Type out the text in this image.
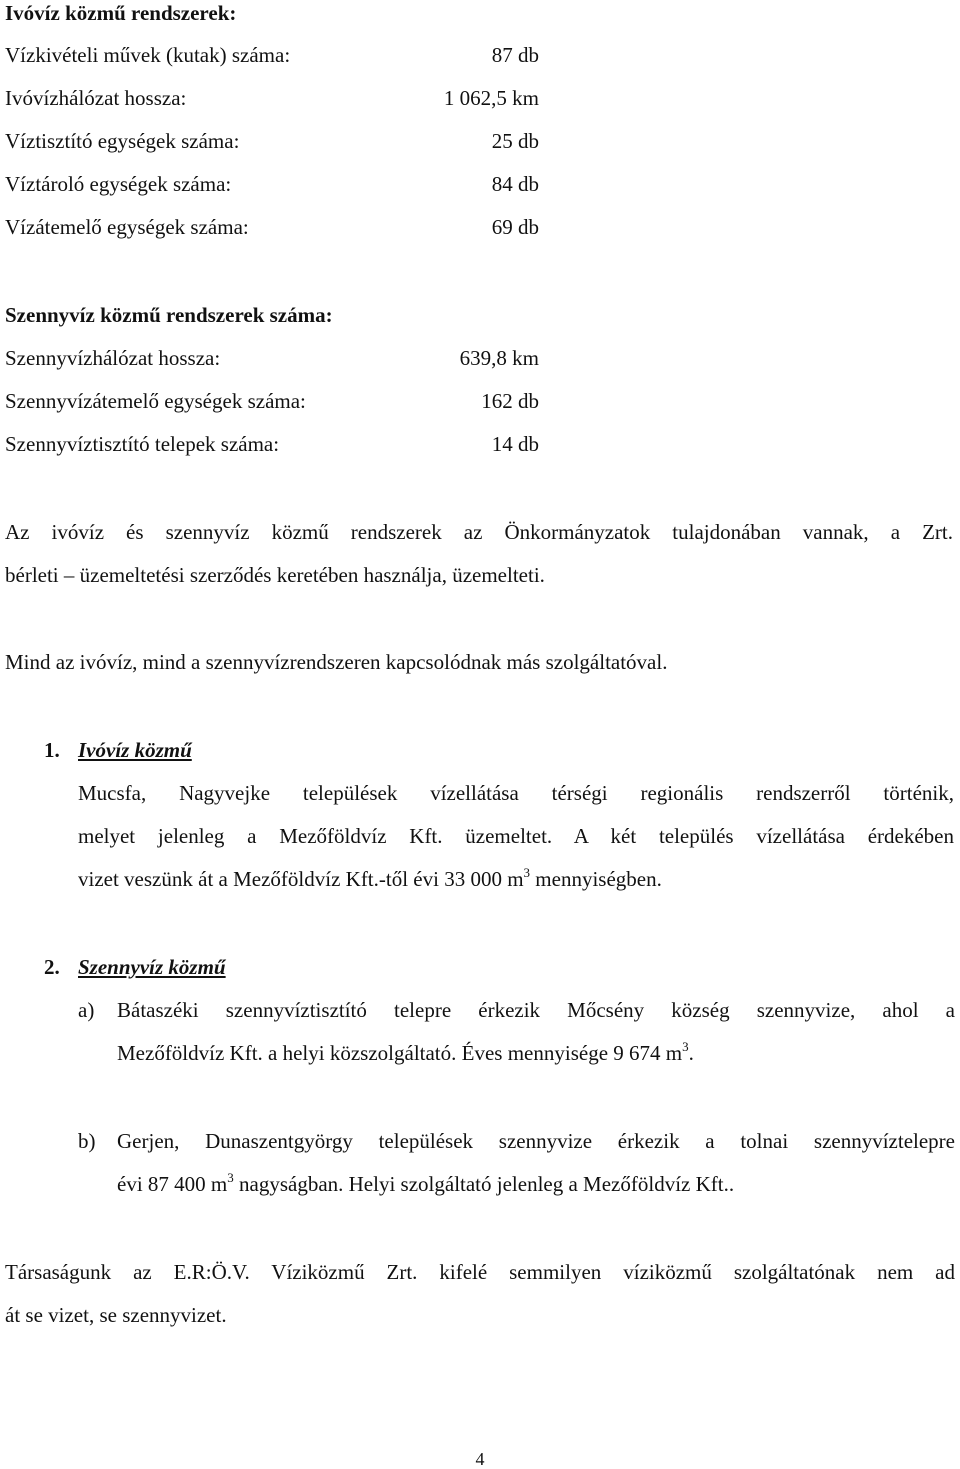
Ivóvíz közmű rendszerek:
Vízkivételi művek (kutak) száma:	87 db
Ivóvízhálózat hossza:	1 062,5 km
Víztisztító egységek száma:	25 db
Víztároló egységek száma:	84 db
Vízátemelő egységek száma:	69 db
Szennyvíz közmű rendszerek száma:
Szennyvízhálózat hossza:	639,8 km
Szennyvízátemelő egységek száma:	162 db
Szennyvíztisztító telepek száma:	14 db
Az ivóvíz és szennyvíz közmű rendszerek az Önkormányzatok tulajdonában vannak, a Zrt.
bérleti – üzemeltetési szerződés keretében használja, üzemelteti.
Mind az ivóvíz, mind a szennyvízrendszeren kapcsolódnak más szolgáltatóval.
1. Ivóvíz közmű
Mucsfa, Nagyvejke települések vízellátása térségi regionális rendszerről történik,
melyet jelenleg a Mezőföldvíz Kft. üzemeltet. A két település vízellátása érdekében
vizet veszünk át a Mezőföldvíz Kft.-től évi 33 000 $m^3$ mennyiségben.
2. Szennyvíz közmű
a) Bátaszéki szennyvíztisztító telepre érkezik Mőcsény község szennyvize, ahol a
Mezőföldvíz Kft. a helyi közszolgáltató. Éves mennyisége 9 674 $m^3$.
b) Gerjen, Dunaszentgyörgy települések szennyvize érkezik a tolnai szennyvíztelepre
évi 87 400 $m^3$ nagyságban. Helyi szolgáltató jelenleg a Mezőföldvíz Kft..
Társaságunk az E.R:Ö.V. Víziközmű Zrt. kifelé semmilyen víziközmű szolgáltatónak nem ad
át se vizet, se szennyvizet.
4
